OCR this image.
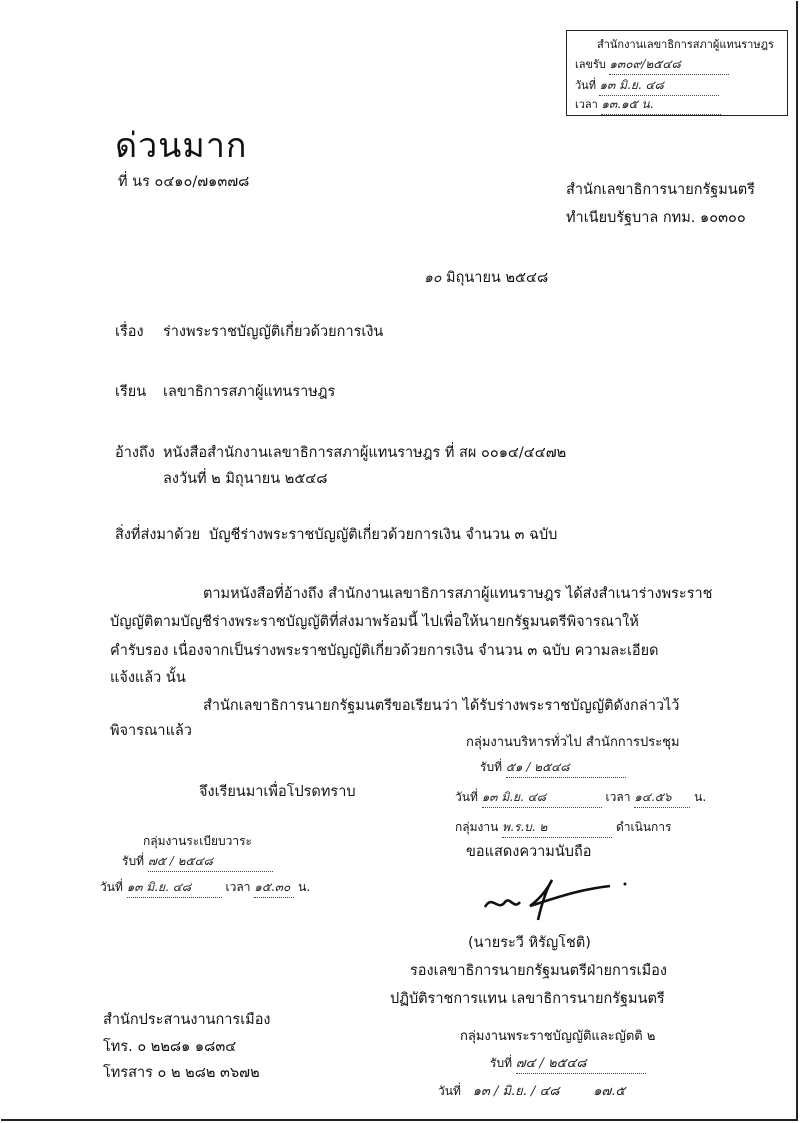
สำนักงานเลขาธิการสภาผู้แทนราษฎร
เลขรับ ๑๓๐๙/๒๕๔๘
วันที่ ๑๓ มิ.ย. ๔๘
เวลา ๑๓.๑๕ น.
ด่วนมาก
ที่ นร ๐๔๑๐/๗๑๓๗๘	สำนักเลขาธิการนายกรัฐมนตรี
ทำเนียบรัฐบาล กทม. ๑๐๓๐๐
๑๐ มิถุนายน ๒๕๔๘
เรื่อง ร่างพระราชบัญญัติเกี่ยวด้วยการเงิน
เรียน เลขาธิการสภาผู้แทนราษฎร
อ้างถึง หนังสือสำนักงานเลขาธิการสภาผู้แทนราษฎร ที่ สผ ๐๐๑๔/๔๔๗๒
ลงวันที่ ๒ มิถุนายน ๒๕๔๘
สิ่งที่ส่งมาด้วย บัญชีร่างพระราชบัญญัติเกี่ยวด้วยการเงิน จำนวน ๓ ฉบับ
ตามหนังสือที่อ้างถึง สำนักงานเลขาธิการสภาผู้แทนราษฎร ได้ส่งสำเนาร่างพระราช
บัญญัติตามบัญชีร่างพระราชบัญญัติที่ส่งมาพร้อมนี้ ไปเพื่อให้นายกรัฐมนตรีพิจารณาให้
คำรับรอง เนื่องจากเป็นร่างพระราชบัญญัติเกี่ยวด้วยการเงิน จำนวน ๓ ฉบับ ความละเอียด
แจ้งแล้ว นั้น
สำนักเลขาธิการนายกรัฐมนตรีขอเรียนว่า ได้รับร่างพระราชบัญญัติดังกล่าวไว้
พิจารณาแล้ว
กลุ่มงานบริหารทั่วไป สำนักการประชุม
รับที่ ๕๑ / ๒๕๔๘
วันที่ ๑๓ มิ.ย. ๔๘	เวลา ๑๔.๕๖ น.
กลุ่มงาน พ.ร.บ. ๒	ดำเนินการ
จึงเรียนมาเพื่อโปรดทราบ
ขอแสดงความนับถือ
(นายระวี หิรัญโชติ)
รองเลขาธิการนายกรัฐมนตรีฝ่ายการเมือง
ปฏิบัติราชการแทน เลขาธิการนายกรัฐมนตรี
กลุ่มงานระเบียบวาระ
รับที่ ๗๕ / ๒๕๔๘
วันที่ ๑๓ มิ.ย. ๔๘	เวลา ๑๕.๓๐ น.
สำนักประสานงานการเมือง
โทร. ๐ ๒๒๘๑ ๑๘๓๔
โทรสาร ๐ ๒ ๒๘๒ ๓๖๗๒
กลุ่มงานพระราชบัญญัติและญัตติ ๒
รับที่ ๗๔ / ๒๕๔๘
วันที่ ๑๓ / มิ.ย. / ๔๘	๑๗.๕
